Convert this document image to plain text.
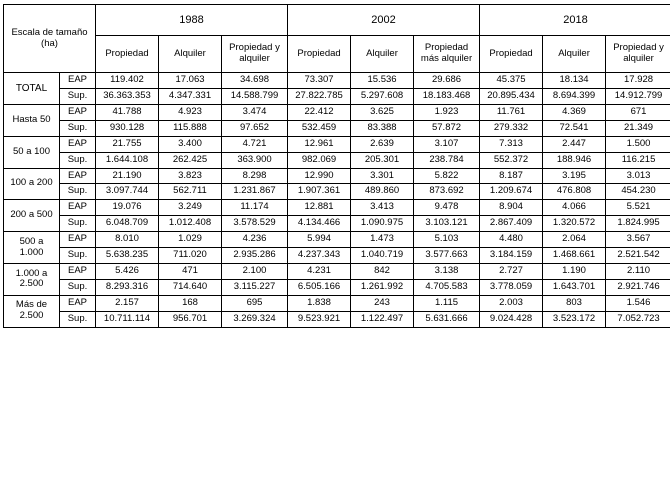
Escala de tamaño (ha)		1988			2002			2018		
		Propiedad	Alquiler	Propiedad y alquiler	Propiedad	Alquiler	Propiedad más alquiler	Propiedad	Alquiler	Propiedad y alquiler
TOTAL	EAP	119.402	17.063	34.698	73.307	15.536	29.686	45.375	18.134	17.928
	Sup.	36.363.353	4.347.331	14.588.799	27.822.785	5.297.608	18.183.468	20.895.434	8.694.399	14.912.799
Hasta 50	EAP	41.788	4.923	3.474	22.412	3.625	1.923	11.761	4.369	671
	Sup.	930.128	115.888	97.652	532.459	83.388	57.872	279.332	72.541	21.349
50 a 100	EAP	21.755	3.400	4.721	12.961	2.639	3.107	7.313	2.447	1.500
	Sup.	1.644.108	262.425	363.900	982.069	205.301	238.784	552.372	188.946	116.215
100 a 200	EAP	21.190	3.823	8.298	12.990	3.301	5.822	8.187	3.195	3.013
	Sup.	3.097.744	562.711	1.231.867	1.907.361	489.860	873.692	1.209.674	476.808	454.230
200 a 500	EAP	19.076	3.249	11.174	12.881	3.413	9.478	8.904	4.066	5.521
	Sup.	6.048.709	1.012.408	3.578.529	4.134.466	1.090.975	3.103.121	2.867.409	1.320.572	1.824.995
500 a 1.000	EAP	8.010	1.029	4.236	5.994	1.473	5.103	4.480	2.064	3.567
	Sup.	5.638.235	711.020	2.935.286	4.237.343	1.040.719	3.577.663	3.184.159	1.468.661	2.521.542
1.000 a 2.500	EAP	5.426	471	2.100	4.231	842	3.138	2.727	1.190	2.110
	Sup.	8.293.316	714.640	3.115.227	6.505.166	1.261.992	4.705.583	3.778.059	1.643.701	2.921.746
Más de 2.500	EAP	2.157	168	695	1.838	243	1.115	2.003	803	1.546
	Sup.	10.711.114	956.701	3.269.324	9.523.921	1.122.497	5.631.666	9.024.428	3.523.172	7.052.723
